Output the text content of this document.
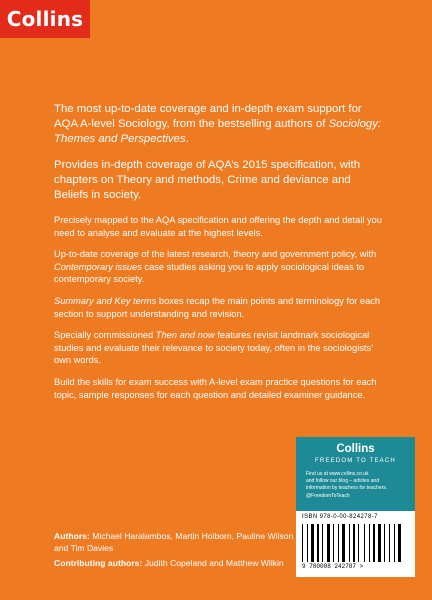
Collins

The most up-to-date coverage and in-depth exam support for AQA A-level Sociology, from the bestselling authors of Sociology: Themes and Perspectives.

Provides in-depth coverage of AQA’s 2015 specification, with chapters on Theory and methods, Crime and deviance and Beliefs in society.

Precisely mapped to the AQA specification and offering the depth and detail you need to analyse and evaluate at the highest levels.

Up-to-date coverage of the latest research, theory and government policy, with Contemporary issues case studies asking you to apply sociological ideas to contemporary society.

Summary and Key terms boxes recap the main points and terminology for each section to support understanding and revision.

Specially commissioned Then and now features revisit landmark sociological studies and evaluate their relevance to society today, often in the sociologists’ own words.

Build the skills for exam success with A-level exam practice questions for each topic, sample responses for each question and detailed examiner guidance.

Authors: Michael Haralambos, Martin Holborn, Pauline Wilson and Tim Davies

Contributing authors: Judith Copeland and Matthew Wilkin

Collins
FREEDOM TO TEACH
Find us at www.collins.co.uk
and follow our blog – articles and
information by teachers for teachers.
@FreedomToTeach
ISBN 978-0-00-824278-7
9 780008 242787 >
